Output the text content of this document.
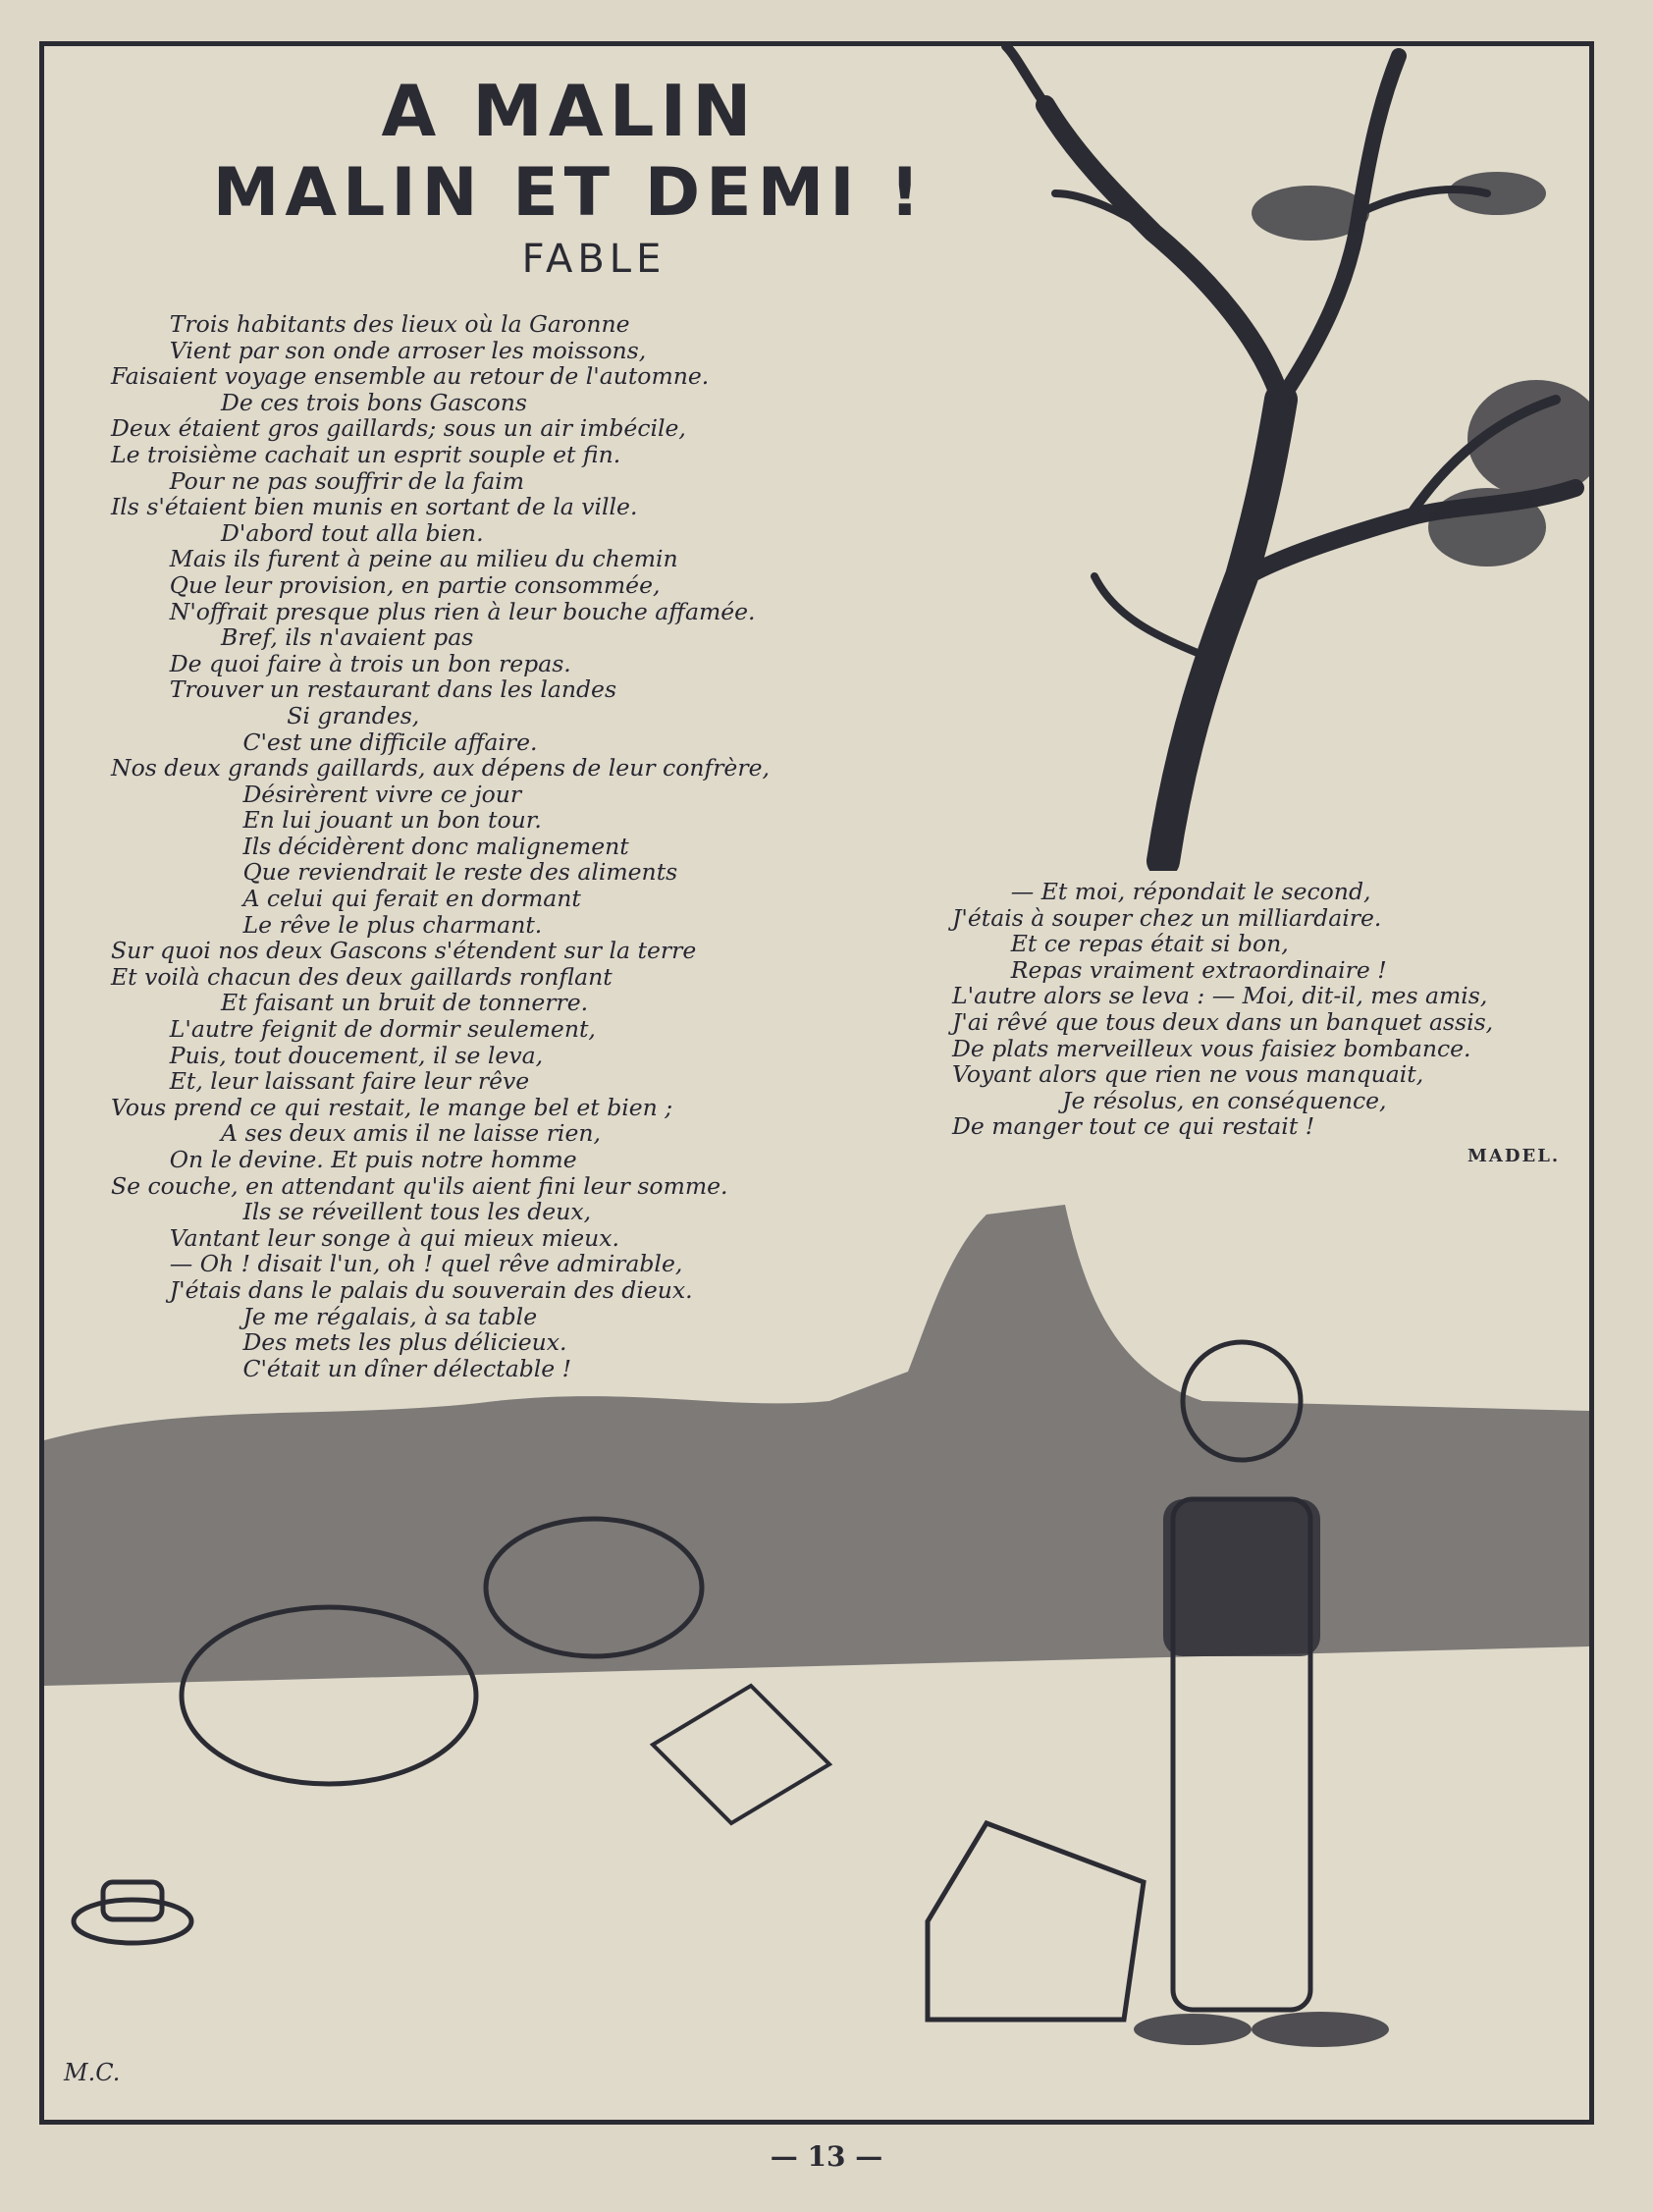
A MALIN
MALIN ET DEMI !
FABLE
Trois habitants des lieux où la Garonne
Vient par son onde arroser les moissons,
Faisaient voyage ensemble au retour de l'automne.
De ces trois bons Gascons
Deux étaient gros gaillards; sous un air imbécile,
Le troisième cachait un esprit souple et fin.
Pour ne pas souffrir de la faim
Ils s'étaient bien munis en sortant de la ville.
D'abord tout alla bien.
Mais ils furent à peine au milieu du chemin
Que leur provision, en partie consommée,
N'offrait presque plus rien à leur bouche affamée.
Bref, ils n'avaient pas
De quoi faire à trois un bon repas.
Trouver un restaurant dans les landes
Si grandes,
C'est une difficile affaire.
Nos deux grands gaillards, aux dépens de leur confrère,
Désirèrent vivre ce jour
En lui jouant un bon tour.
Ils décidèrent donc malignement
Que reviendrait le reste des aliments
A celui qui ferait en dormant
Le rêve le plus charmant.
Sur quoi nos deux Gascons s'étendent sur la terre
Et voilà chacun des deux gaillards ronflant
Et faisant un bruit de tonnerre.
L'autre feignit de dormir seulement,
Puis, tout doucement, il se leva,
Et, leur laissant faire leur rêve
Vous prend ce qui restait, le mange bel et bien ;
A ses deux amis il ne laisse rien,
On le devine. Et puis notre homme
Se couche, en attendant qu'ils aient fini leur somme.
Ils se réveillent tous les deux,
Vantant leur songe à qui mieux mieux.
— Oh ! disait l'un, oh ! quel rêve admirable,
J'étais dans le palais du souverain des dieux.
Je me régalais, à sa table
Des mets les plus délicieux.
C'était un dîner délectable !
— Et moi, répondait le second,
J'étais à souper chez un milliardaire.
Et ce repas était si bon,
Repas vraiment extraordinaire !
L'autre alors se leva : — Moi, dit-il, mes amis,
J'ai rêvé que tous deux dans un banquet assis,
De plats merveilleux vous faisiez bombance.
Voyant alors que rien ne vous manquait,
Je résolus, en conséquence,
De manger tout ce qui restait !
MADEL.
M.C.
— 13 —
